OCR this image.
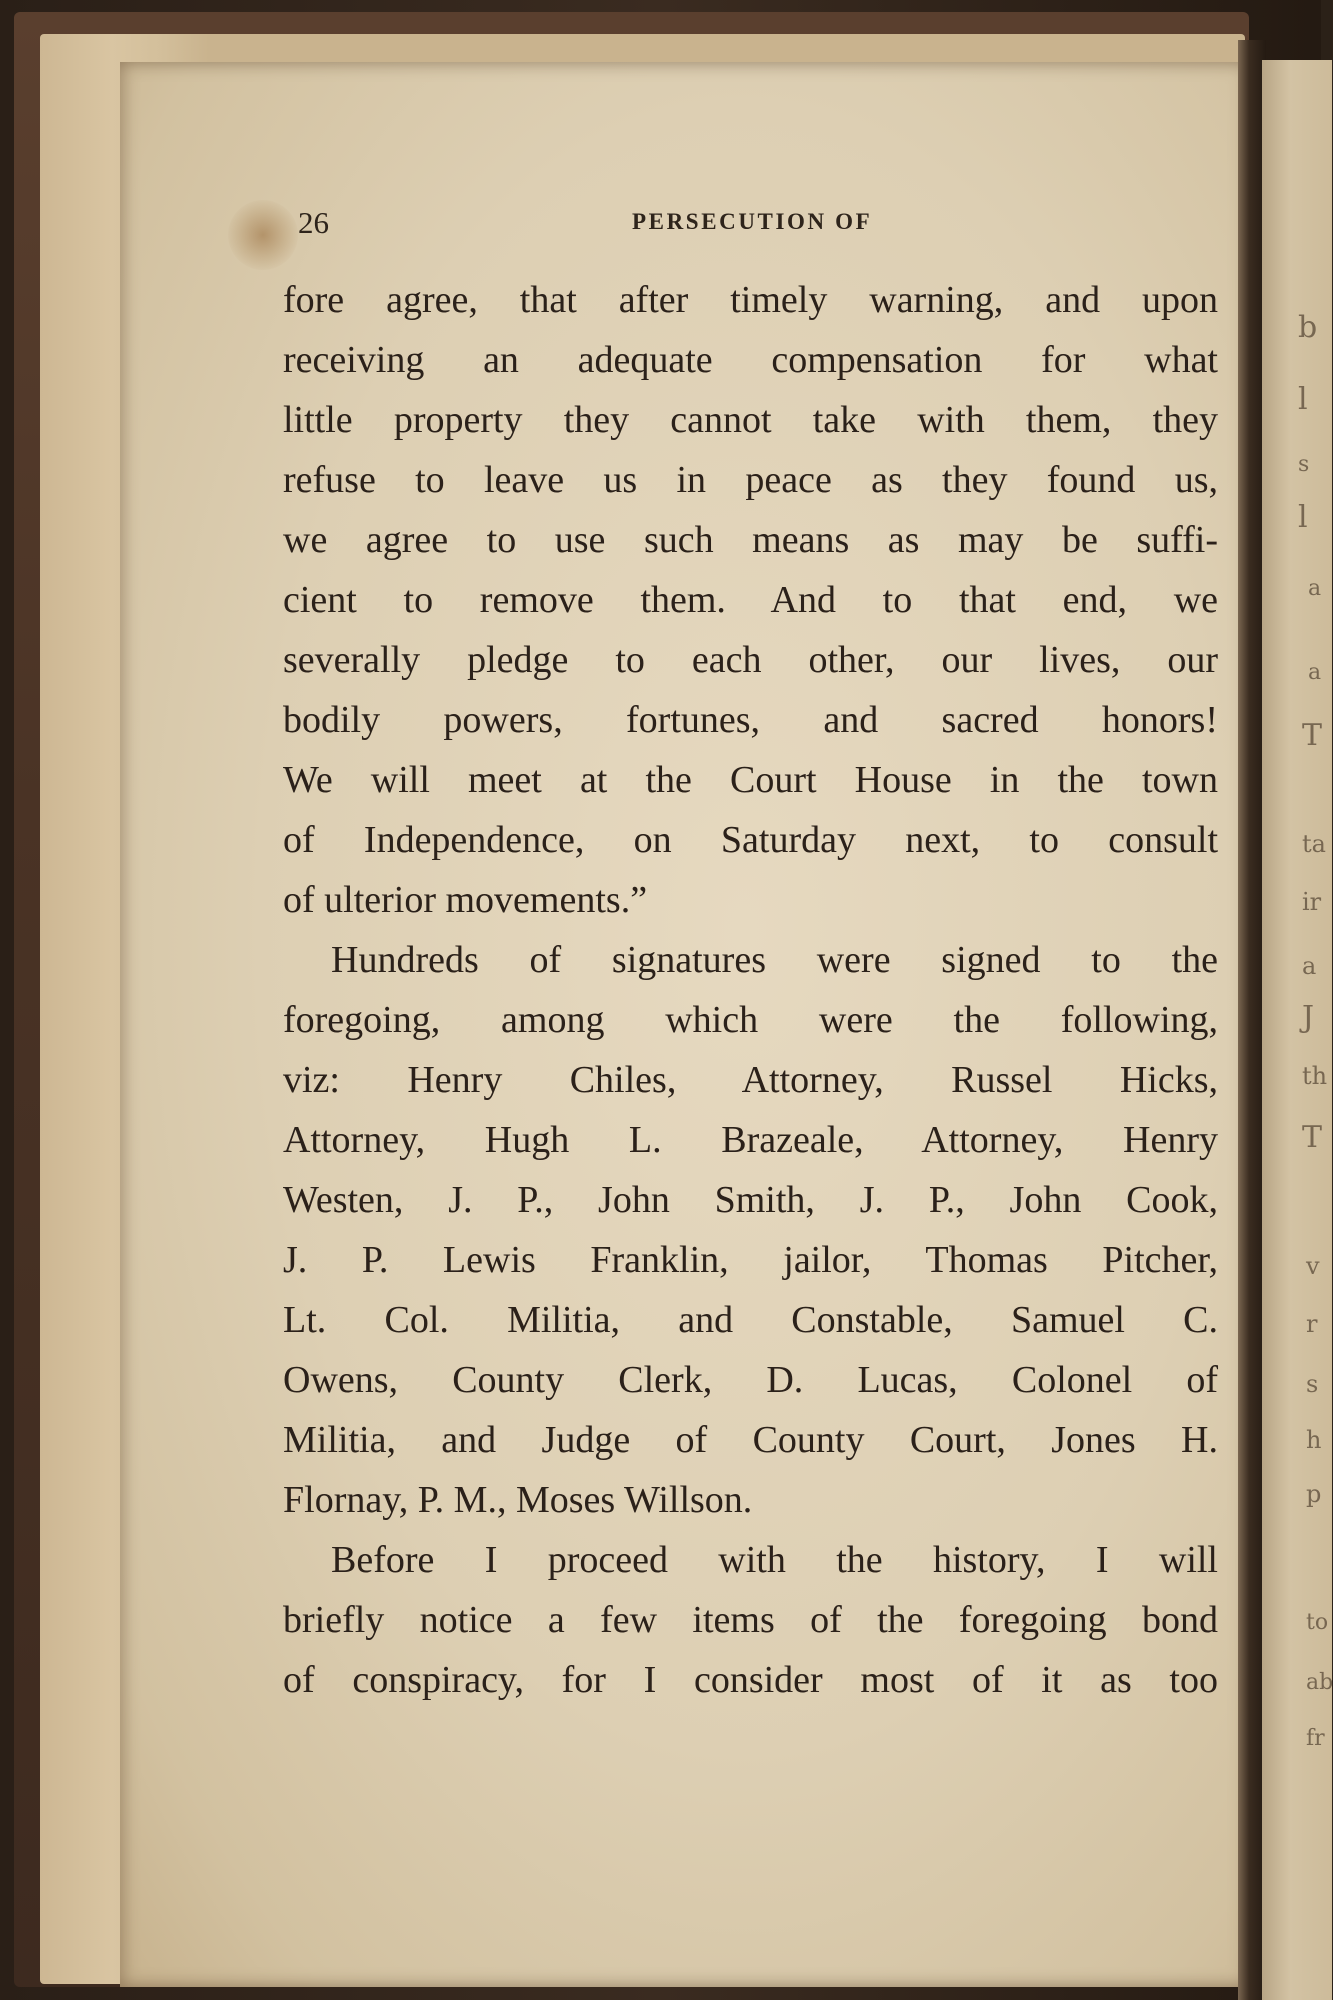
b
l
s
l
a
a
T
ta
ir
a
J
th
T
v
r
s
h
p
to
ab
fr
26	PERSECUTION OF
fore agree, that after timely warning, and upon
receiving an adequate compensation for what
little property they cannot take with them, they
refuse to leave us in peace as they found us,
we agree to use such means as may be suffi-
cient to remove them. And to that end, we
severally pledge to each other, our lives, our
bodily powers, fortunes, and sacred honors!
We will meet at the Court House in the town
of Independence, on Saturday next, to consult
of ulterior movements.”
Hundreds of signatures were signed to the
foregoing, among which were the following,
viz: Henry Chiles, Attorney, Russel Hicks,
Attorney, Hugh L. Brazeale, Attorney, Henry
Westen, J. P., John Smith, J. P., John Cook,
J. P. Lewis Franklin, jailor, Thomas Pitcher,
Lt. Col. Militia, and Constable, Samuel C.
Owens, County Clerk, D. Lucas, Colonel of
Militia, and Judge of County Court, Jones H.
Flornay, P. M., Moses Willson.
Before I proceed with the history, I will
briefly notice a few items of the foregoing bond
of conspiracy, for I consider most of it as too
